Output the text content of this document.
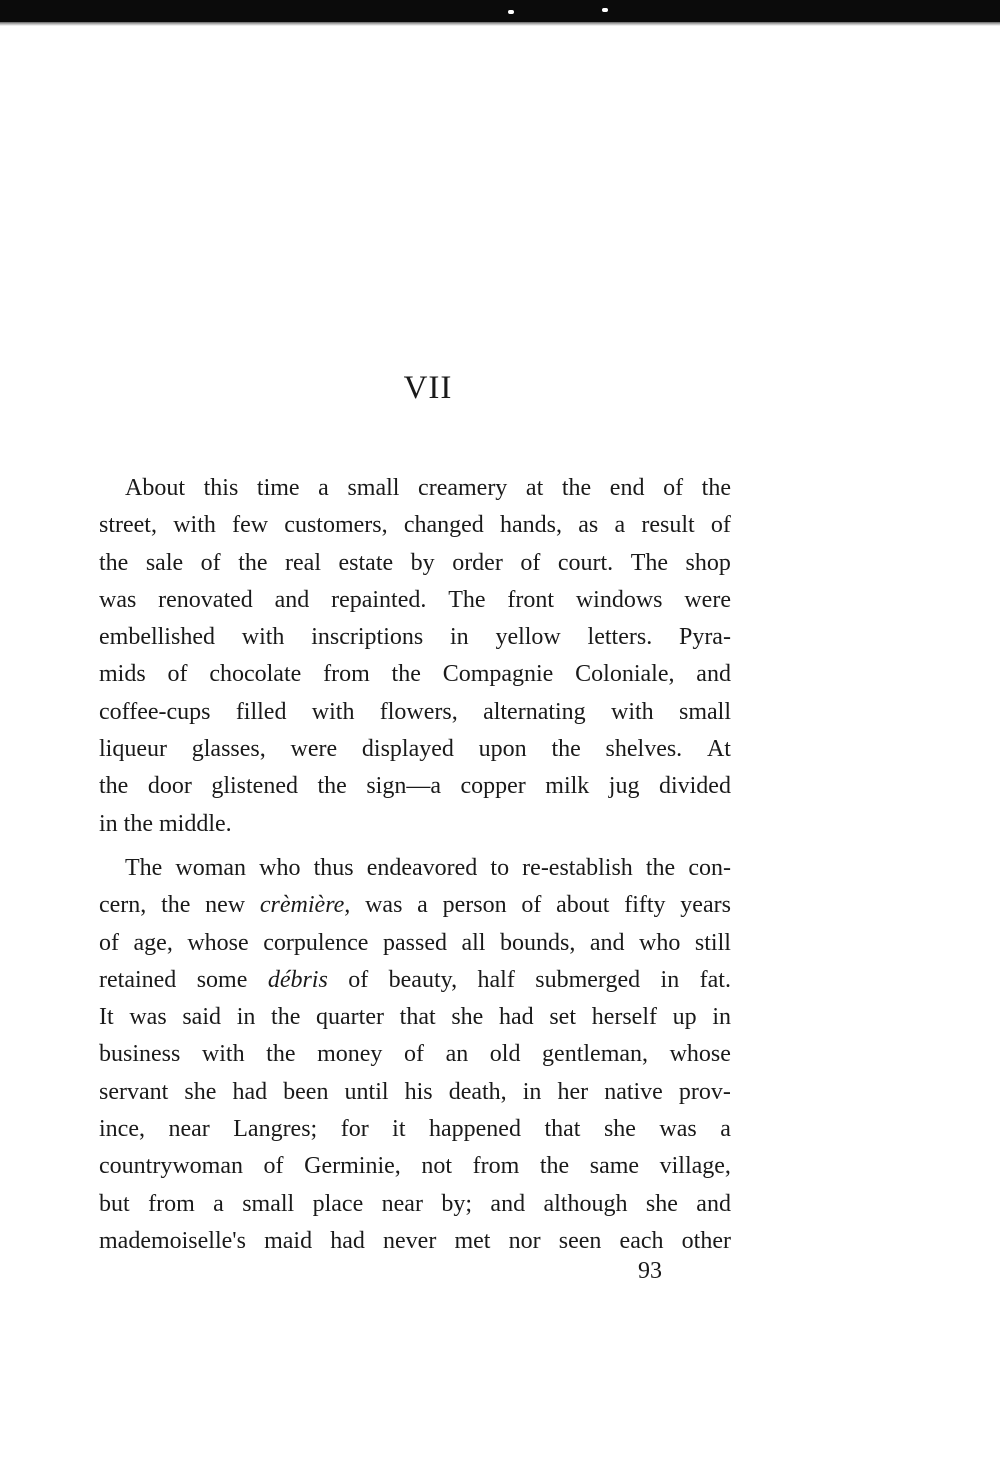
VII
About this time a small creamery at the end of the
street, with few customers, changed hands, as a result of
the sale of the real estate by order of court. The shop
was renovated and repainted. The front windows were
embellished with inscriptions in yellow letters. Pyra-
mids of chocolate from the Compagnie Coloniale, and
coffee-cups filled with flowers, alternating with small
liqueur glasses, were displayed upon the shelves. At
the door glistened the sign—a copper milk jug divided
in the middle.
The woman who thus endeavored to re-establish the con-
cern, the new crèmière, was a person of about fifty years
of age, whose corpulence passed all bounds, and who still
retained some débris of beauty, half submerged in fat.
It was said in the quarter that she had set herself up in
business with the money of an old gentleman, whose
servant she had been until his death, in her native prov-
ince, near Langres; for it happened that she was a
countrywoman of Germinie, not from the same village,
but from a small place near by; and although she and
mademoiselle's maid had never met nor seen each other
93
